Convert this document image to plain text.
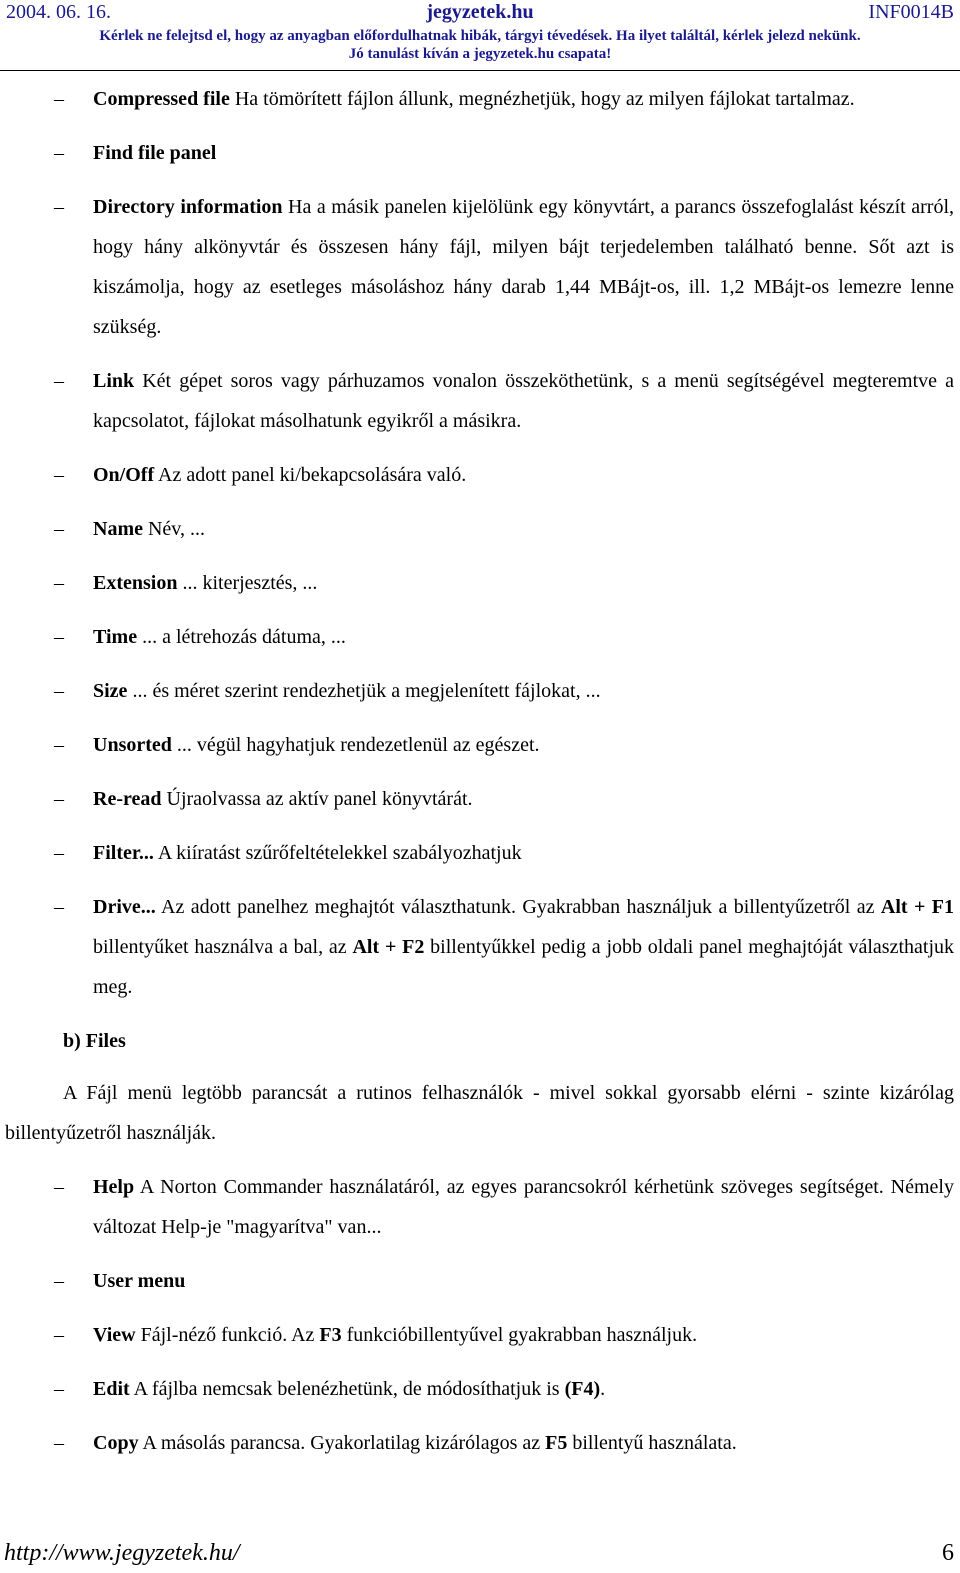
2004. 06. 16.	jegyzetek.hu	INF0014B
Kérlek ne felejtsd el, hogy az anyagban előfordulhatnak hibák, tárgyi tévedések. Ha ilyet találtál, kérlek jelezd nekünk.
Jó tanulást kíván a jegyzetek.hu csapata!
– Compressed file Ha tömörített fájlon állunk, megnézhetjük, hogy az milyen fájlokat tartalmaz.
– Find file panel
– Directory information Ha a másik panelen kijelölünk egy könyvtárt, a parancs összefoglalást készít arról, hogy hány alkönyvtár és összesen hány fájl, milyen bájt terjedelemben található benne. Sőt azt is kiszámolja, hogy az esetleges másoláshoz hány darab 1,44 MBájt-os, ill. 1,2 MBájt-os lemezre lenne szükség.
– Link Két gépet soros vagy párhuzamos vonalon összeköthetünk, s a menü segítségével megteremtve a kapcsolatot, fájlokat másolhatunk egyikről a másikra.
– On/Off Az adott panel ki/bekapcsolására való.
– Name Név, ...
– Extension ... kiterjesztés, ...
– Time ... a létrehozás dátuma, ...
– Size ... és méret szerint rendezhetjük a megjelenített fájlokat, ...
– Unsorted ... végül hagyhatjuk rendezetlenül az egészet.
– Re-read Újraolvassa az aktív panel könyvtárát.
– Filter... A kiíratást szűrőfeltételekkel szabályozhatjuk
– Drive... Az adott panelhez meghajtót választhatunk. Gyakrabban használjuk a billentyűzetről az Alt + F1 billentyűket használva a bal, az Alt + F2 billentyűkkel pedig a jobb oldali panel meghajtóját választhatjuk meg.
b) Files
A Fájl menü legtöbb parancsát a rutinos felhasználók - mivel sokkal gyorsabb elérni - szinte kizárólag billentyűzetről használják.
– Help A Norton Commander használatáról, az egyes parancsokról kérhetünk szöveges segítséget. Némely változat Help-je "magyarítva" van...
– User menu
– View Fájl-néző funkció. Az F3 funkcióbillentyűvel gyakrabban használjuk.
– Edit A fájlba nemcsak belenézhetünk, de módosíthatjuk is (F4).
– Copy A másolás parancsa. Gyakorlatilag kizárólagos az F5 billentyű használata.
http://www.jegyzetek.hu/	6
